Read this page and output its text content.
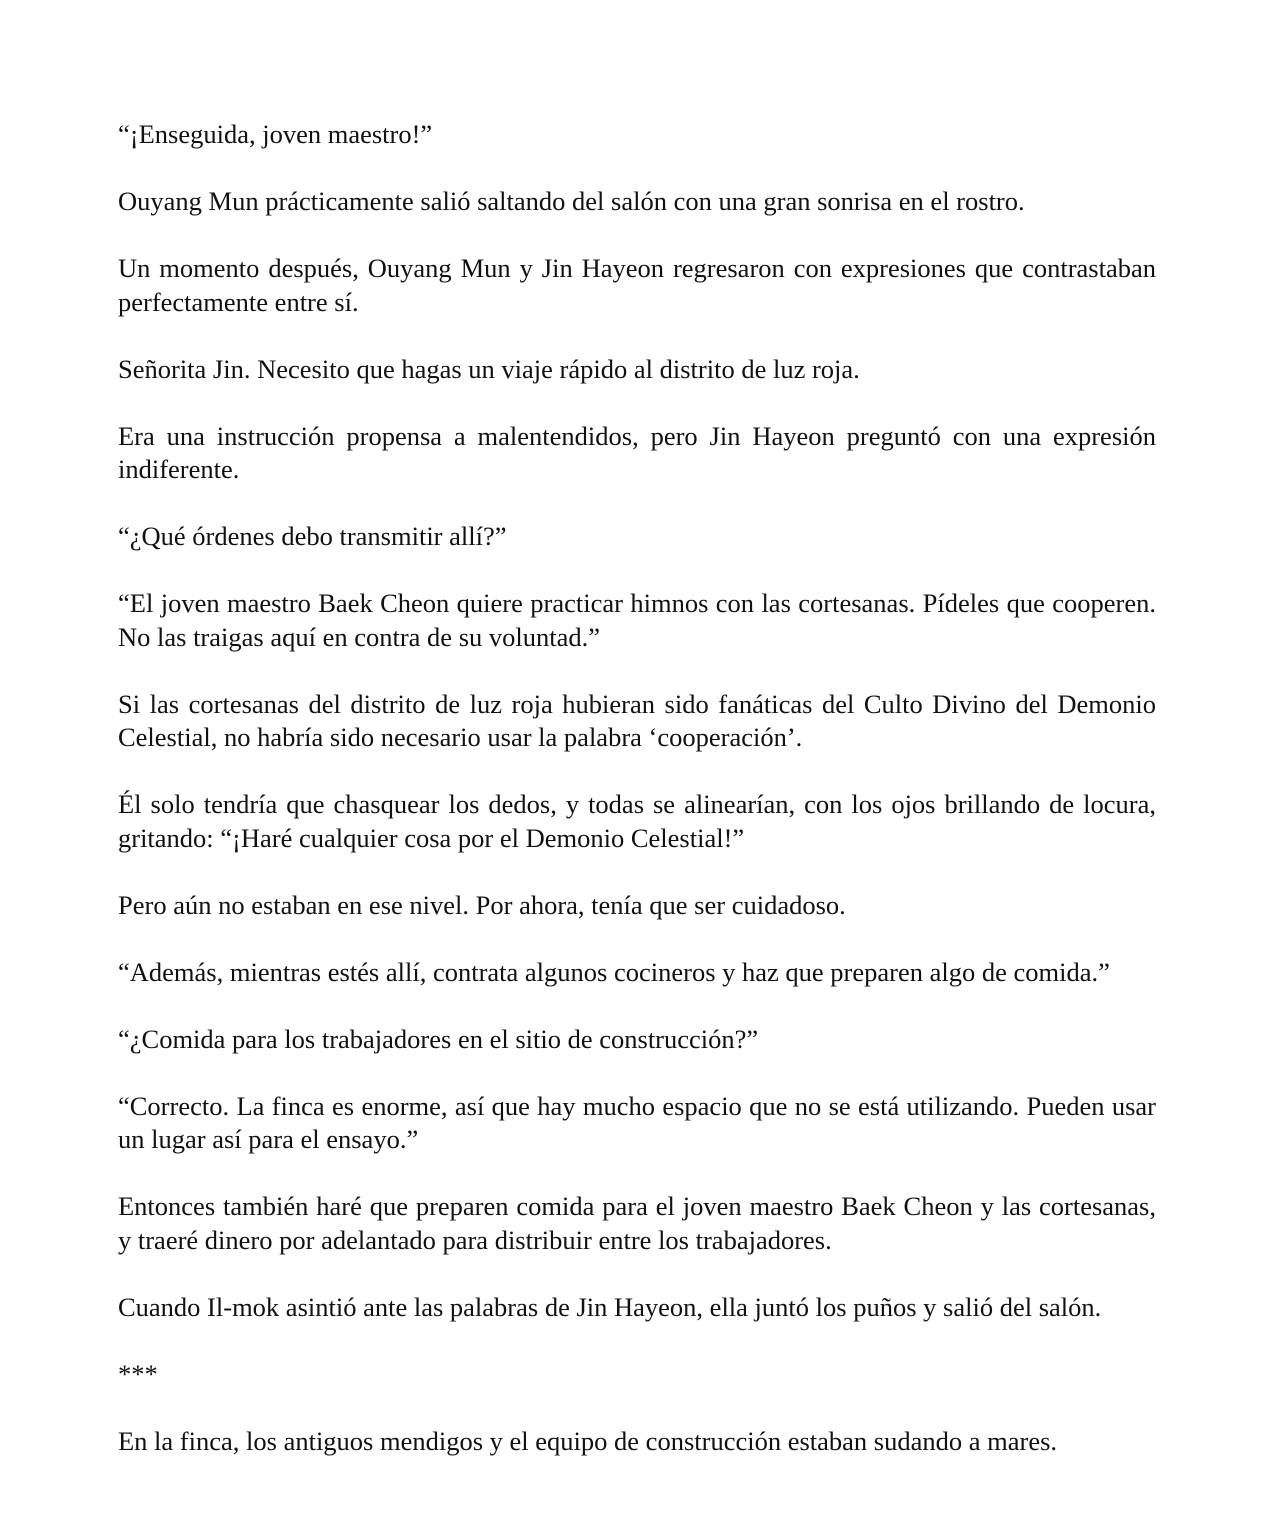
“¡Enseguida, joven maestro!”

Ouyang Mun prácticamente salió saltando del salón con una gran sonrisa en el rostro.

Un momento después, Ouyang Mun y Jin Hayeon regresaron con expresiones que contrastaban perfectamente entre sí.

Señorita Jin. Necesito que hagas un viaje rápido al distrito de luz roja.

Era una instrucción propensa a malentendidos, pero Jin Hayeon preguntó con una expresión indiferente.

“¿Qué órdenes debo transmitir allí?”

“El joven maestro Baek Cheon quiere practicar himnos con las cortesanas. Pídeles que cooperen. No las traigas aquí en contra de su voluntad.”

Si las cortesanas del distrito de luz roja hubieran sido fanáticas del Culto Divino del Demonio Celestial, no habría sido necesario usar la palabra ‘cooperación’.

Él solo tendría que chasquear los dedos, y todas se alinearían, con los ojos brillando de locura, gritando: “¡Haré cualquier cosa por el Demonio Celestial!”

Pero aún no estaban en ese nivel. Por ahora, tenía que ser cuidadoso.

“Además, mientras estés allí, contrata algunos cocineros y haz que preparen algo de comida.”

“¿Comida para los trabajadores en el sitio de construcción?”

“Correcto. La finca es enorme, así que hay mucho espacio que no se está utilizando. Pueden usar un lugar así para el ensayo.”

Entonces también haré que preparen comida para el joven maestro Baek Cheon y las cortesanas, y traeré dinero por adelantado para distribuir entre los trabajadores.

Cuando Il-mok asintió ante las palabras de Jin Hayeon, ella juntó los puños y salió del salón.

***

En la finca, los antiguos mendigos y el equipo de construcción estaban sudando a mares.
